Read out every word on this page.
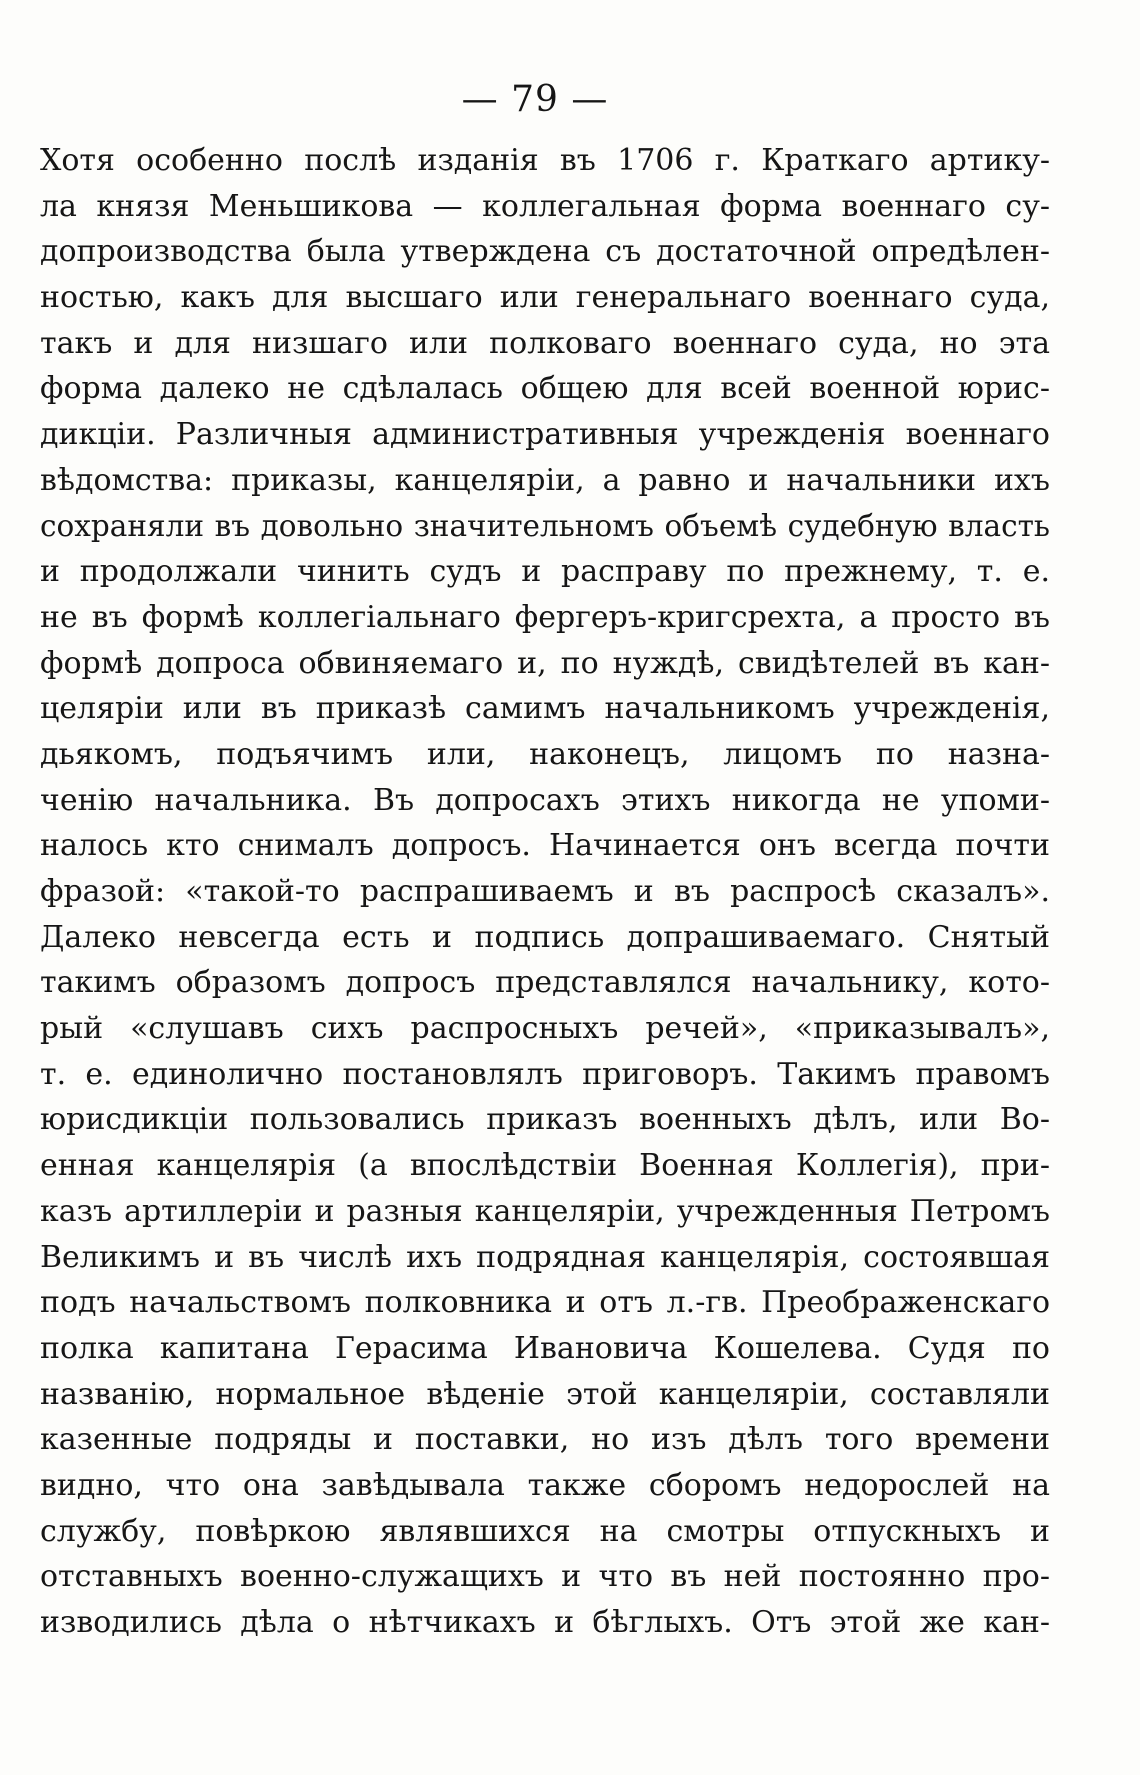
— 79 —
Хотя особенно послѣ изданія въ 1706 г. Краткаго артику-
ла князя Меньшикова — коллегальная форма военнаго су-
допроизводства была утверждена съ достаточной опредѣлен-
ностью, какъ для высшаго или генеральнаго военнаго суда,
такъ и для низшаго или полковаго военнаго суда, но эта
форма далеко не сдѣлалась общею для всей военной юрис-
дикціи. Различныя административныя учрежденія военнаго
вѣдомства: приказы, канцеляріи, а равно и начальники ихъ
сохраняли въ довольно значительномъ объемѣ судебную власть
и продолжали чинить судъ и расправу по прежнему, т. е.
не въ формѣ коллегіальнаго фергеръ-кригсрехта, а просто въ
формѣ допроса обвиняемаго и, по нуждѣ, свидѣтелей въ кан-
целяріи или въ приказѣ самимъ начальникомъ учрежденія,
дьякомъ, подъячимъ или, наконецъ, лицомъ по назна-
ченію начальника. Въ допросахъ этихъ никогда не упоми-
налось кто снималъ допросъ. Начинается онъ всегда почти
фразой: «такой-то распрашиваемъ и въ распросѣ сказалъ».
Далеко невсегда есть и подпись допрашиваемаго. Снятый
такимъ образомъ допросъ представлялся начальнику, кото-
рый «слушавъ сихъ распросныхъ речей», «приказывалъ»,
т. е. единолично постановлялъ приговоръ. Такимъ правомъ
юрисдикціи пользовались приказъ военныхъ дѣлъ, или Во-
енная канцелярія (а впослѣдствіи Военная Коллегія), при-
казъ артиллеріи и разныя канцеляріи, учрежденныя Петромъ
Великимъ и въ числѣ ихъ подрядная канцелярія, состоявшая
подъ начальствомъ полковника и отъ л.-гв. Преображенскаго
полка капитана Герасима Ивановича Кошелева. Судя по
названію, нормальное вѣденіе этой канцеляріи, составляли
казенные подряды и поставки, но изъ дѣлъ того времени
видно, что она завѣдывала также сборомъ недорослей на
службу, повѣркою являвшихся на смотры отпускныхъ и
отставныхъ военно-служащихъ и что въ ней постоянно про-
изводились дѣла о нѣтчикахъ и бѣглыхъ. Отъ этой же кан-
